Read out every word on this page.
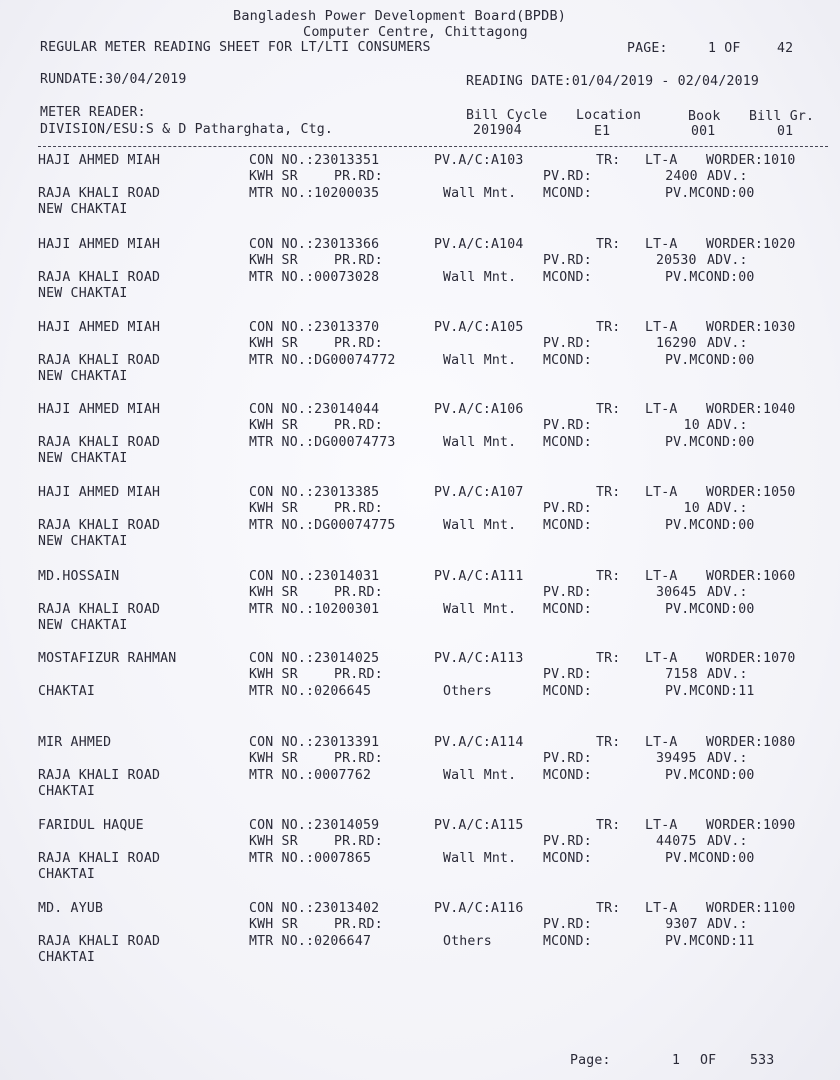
Bangladesh Power Development Board(BPDB)
Computer Centre, Chittagong
REGULAR METER READING SHEET FOR LT/LTI CONSUMERS	PAGE:	1 OF	42
RUNDATE:30/04/2019	READING DATE:01/04/2019 - 02/04/2019
METER READER:	Bill Cycle Location	Book Bill Gr.
DIVISION/ESU:S & D Patharghata, Ctg.	201904	E1	001	01
HAJI AHMED MIAH	CON NO.:23013351	PV.A/C:A103	TR: LT-A WORDER:1010
KWH SR	PR.RD:	PV.RD:	2400 ADV.:
RAJA KHALI ROAD	MTR NO.:10200035	Wall Mnt. MCOND:	PV.MCOND:00
NEW CHAKTAI
HAJI AHMED MIAH	CON NO.:23013366	PV.A/C:A104	TR: LT-A WORDER:1020
KWH SR	PR.RD:	PV.RD:	20530 ADV.:
RAJA KHALI ROAD	MTR NO.:00073028	Wall Mnt. MCOND:	PV.MCOND:00
NEW CHAKTAI
HAJI AHMED MIAH	CON NO.:23013370	PV.A/C:A105	TR: LT-A WORDER:1030
KWH SR	PR.RD:	PV.RD:	16290 ADV.:
RAJA KHALI ROAD	MTR NO.:DG00074772	Wall Mnt. MCOND:	PV.MCOND:00
NEW CHAKTAI
HAJI AHMED MIAH	CON NO.:23014044	PV.A/C:A106	TR: LT-A WORDER:1040
KWH SR	PR.RD:	PV.RD:	10 ADV.:
RAJA KHALI ROAD	MTR NO.:DG00074773	Wall Mnt. MCOND:	PV.MCOND:00
NEW CHAKTAI
HAJI AHMED MIAH	CON NO.:23013385	PV.A/C:A107	TR: LT-A WORDER:1050
KWH SR	PR.RD:	PV.RD:	10 ADV.:
RAJA KHALI ROAD	MTR NO.:DG00074775	Wall Mnt. MCOND:	PV.MCOND:00
NEW CHAKTAI
MD.HOSSAIN	CON NO.:23014031	PV.A/C:A111	TR: LT-A WORDER:1060
KWH SR	PR.RD:	PV.RD:	30645 ADV.:
RAJA KHALI ROAD	MTR NO.:10200301	Wall Mnt. MCOND:	PV.MCOND:00
NEW CHAKTAI
MOSTAFIZUR RAHMAN	CON NO.:23014025	PV.A/C:A113	TR: LT-A WORDER:1070
KWH SR	PR.RD:	PV.RD:	7158 ADV.:
CHAKTAI	MTR NO.:0206645	Others	MCOND:	PV.MCOND:11
MIR AHMED	CON NO.:23013391	PV.A/C:A114	TR: LT-A WORDER:1080
KWH SR	PR.RD:	PV.RD:	39495 ADV.:
RAJA KHALI ROAD	MTR NO.:0007762	Wall Mnt. MCOND:	PV.MCOND:00
CHAKTAI
FARIDUL HAQUE	CON NO.:23014059	PV.A/C:A115	TR: LT-A WORDER:1090
KWH SR	PR.RD:	PV.RD:	44075 ADV.:
RAJA KHALI ROAD	MTR NO.:0007865	Wall Mnt. MCOND:	PV.MCOND:00
CHAKTAI
MD. AYUB	CON NO.:23013402	PV.A/C:A116	TR: LT-A WORDER:1100
KWH SR	PR.RD:	PV.RD:	9307 ADV.:
RAJA KHALI ROAD	MTR NO.:0206647	Others	MCOND:	PV.MCOND:11
CHAKTAI
Page:	1 OF	533
